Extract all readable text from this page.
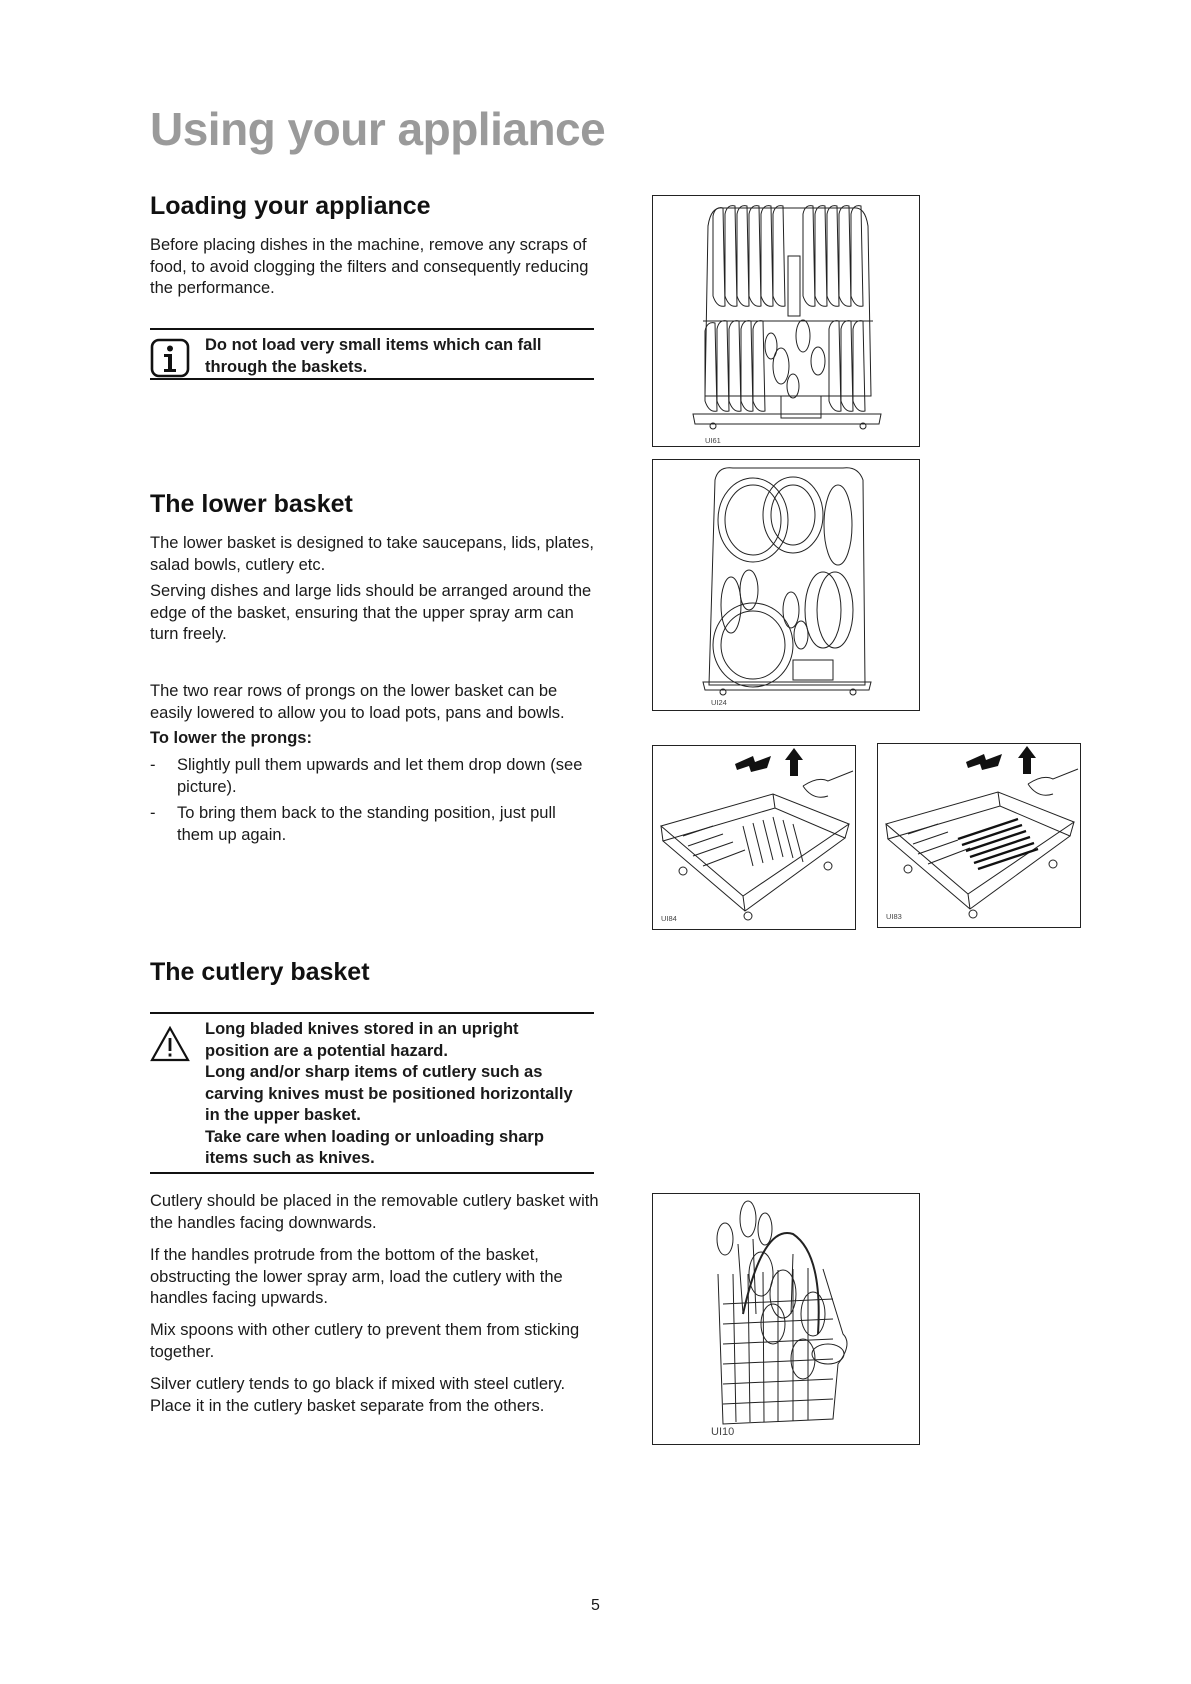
Using your appliance
Loading your appliance

Before placing dishes in the machine, remove any scraps of food, to avoid clogging the filters and consequently reducing the performance.

Do not load very small items which can fall
through the baskets.
The lower basket

The lower basket is designed to take saucepans, lids, plates, salad bowls, cutlery etc.

Serving dishes and large lids should be arranged around the edge of the basket, ensuring that the upper spray arm can turn freely.

The two rear rows of prongs on the lower basket can be easily lowered to allow you to load pots, pans and bowls.

To lower the prongs:

- Slightly pull them upwards and let them drop down (see picture).
- To bring them back to the standing position, just pull them up again.
The cutlery basket
Long bladed knives stored in an upright
position are a potential hazard.
Long and/or sharp items of cutlery such as
carving knives must be positioned horizontally
in the upper basket.
Take care when loading or unloading sharp
items such as knives.

Cutlery should be placed in the removable cutlery basket with the handles facing downwards.

If the handles protrude from the bottom of the basket, obstructing the lower spray arm, load the cutlery with the handles facing upwards.

Mix spoons with other cutlery to prevent them from sticking together.

Silver cutlery tends to go black if mixed with steel cutlery. Place it in the cutlery basket separate from the others.

UI61
UI24
UI84	UI83
UI10
5
